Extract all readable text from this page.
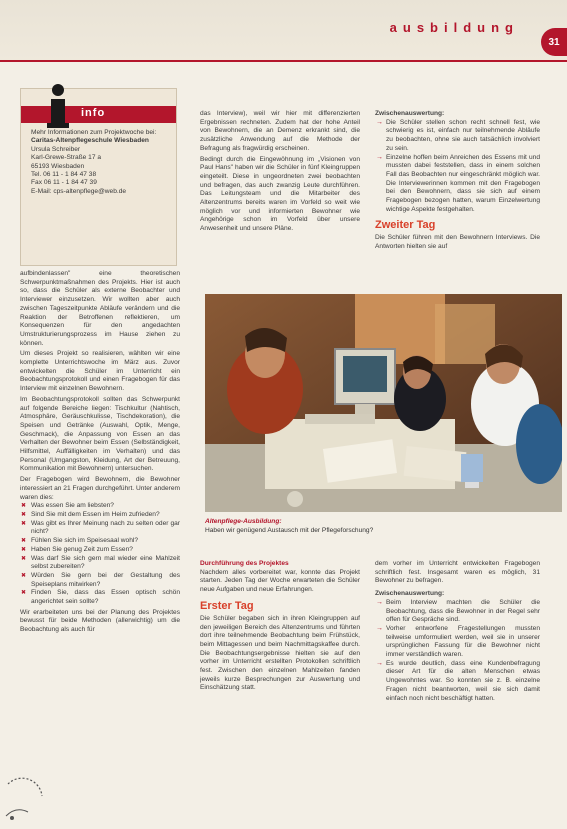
ausbildung
31
info
Mehr Informationen zum Projektwoche bei:
Caritas-Altenpflegeschule Wiesbaden
Ursula Schreiber
Karl-Grewe-Straße 17 a
65193 Wiesbaden
Tel. 06 11 - 1 84 47 38
Fax 06 11 - 1 84 47 39
E-Mail: cps-altenpflege@web.de

aufbindenlassen" eine theoretischen Schwerpunktmaßnahmen des Projekts. Hier ist auch so, dass die Schüler als externe Beobachter und Interviewer einzusetzen. Wir wollten aber auch zwischen Tageszeitpunkte Abläufe verändern und die Reaktion der Betroffenen reflektieren, um Konsequenzen für den angedachten Umstrukturierungsprozess im Hause ziehen zu können.

Um dieses Projekt so realisieren, wählten wir eine komplette Unterrichtswoche im März aus. Zuvor entwickelten die Schüler im Unterricht ein Beobachtungsprotokoll und einen Fragebogen für das Interview mit einzelnen Bewohnern.

Im Beobachtungsprotokoll sollten das Schwerpunkt auf folgende Bereiche liegen: Tischkultur (Nahtisch, Atmosphäre, Geräuschkulisse, Tischdekoration), die Speisen und Getränke (Auswahl, Optik, Menge, Geschmack), die Anpassung von Essen an das Verhalten der Bewohner beim Essen (Selbständigkeit, Hilfsmittel, Auffälligkeiten im Verhalten) und das Personal (Umgangston, Kleidung, Art der Betreuung, Kommunikation mit Bewohnern) untersuchen.

Der Fragebogen wird Bewohnern, die Bewohner interessiert an 21 Fragen durchgeführt. Unter anderem waren dies:

✖ Was essen Sie am liebsten?
✖ Sind Sie mit dem Essen im Heim zufrieden?
✖ Was gibt es Ihrer Meinung nach zu selten oder gar nicht?
✖ Fühlen Sie sich im Speisesaal wohl?
✖ Haben Sie genug Zeit zum Essen?
✖ Was darf Sie sich gern mal wieder eine Mahlzeit selbst zubereiten?
✖ Würden Sie gern bei der Gestaltung des Speiseplans mitwirken?
✖ Finden Sie, dass das Essen optisch schön angerichtet sein sollte?

Wir erarbeiteten uns bei der Planung des Projektes bewusst für beide Methoden (allerwichtig) um die Beobachtung als auch für

das Interview), weil wir hier mit differenzierten Ergebnissen rechneten. Zudem hat der hohe Anteil von Bewohnern, die an Demenz erkrankt sind, die zusätzliche Anwendung auf die Methode der Befragung als fragwürdig erscheinen.

Bedingt durch die Eingewöhnung im „Visionen von Paul Hans" haben wir die Schüler in fünf Kleingruppen eingeteilt. Diese in ungeordneten zwei beobachten und befragen, das auch zwanzig Leute durchführen. Das Leitungsteam und die Mitarbeiter des Altenzentrums bereits waren im Vorfeld so weit wie möglich vor und informierten Bewohner wie Angehörige schon im Vorfeld über unsere Anwesenheit und unsere Pläne.

Zwischenauswertung:

→ Die Schüler stellen schon recht schnell fest, wie schwierig es ist, einfach nur teilnehmende Abläufe zu beobachten, ohne sie auch tatsächlich involviert zu sein.
→ Einzelne hoffen beim Anreichen des Essens mit und mussten dabei feststellen, dass in einem solchen Fall das Beobachten nur eingeschränkt möglich war. Die Interviewerinnen kommen mit den Fragebogen bei den Bewohnern, dass sie sich auf einem Fragebogen bezogen hatten, warum Einzelwertung wichtige Aspekte festgehalten.
Zweiter Tag

Die Schüler führen mit den Bewohnern Interviews. Die Antworten hielten sie auf

Altenpflege-Ausbildung:
Haben wir genügend Austausch mit der Pflegeforschung?

Durchführung des Projektes

Nachdem alles vorbereitet war, konnte das Projekt starten. Jeden Tag der Woche erwarteten die Schüler neue Aufgaben und neue Erfahrungen.

Erster Tag

Die Schüler begaben sich in ihren Kleingruppen auf den jeweiligen Bereich des Altenzentrums und führten dort ihre teilnehmende Beobachtung beim Frühstück, beim Mittagessen und beim Nachmittagskaffee durch. Die Beobachtungsergebnisse hielten sie auf den vorher im Unterricht erstellten Protokollen schriftlich fest. Zwischen den einzelnen Mahlzeiten fanden jeweils kurze Besprechungen zur Auswertung und Einschätzung statt.

dem vorher im Unterricht entwickelten Fragebogen schriftlich fest. Insgesamt waren es möglich, 31 Bewohner zu befragen.

Zwischenauswertung:

→ Beim Interview machten die Schüler die Beobachtung, dass die Bewohner in der Regel sehr offen für Gespräche sind.
→ Vorher entworfene Fragestellungen mussten teilweise umformuliert werden, weil sie in unserer ursprünglichen Fassung für die Bewohner nicht immer verständlich waren.
→ Es wurde deutlich, dass eine Kundenbefragung dieser Art für die alten Menschen etwas Ungewohntes war. So konnten sie z. B. einzelne Fragen nicht beantworten, weil sie sich damit einfach noch nicht beschäftigt hatten.
